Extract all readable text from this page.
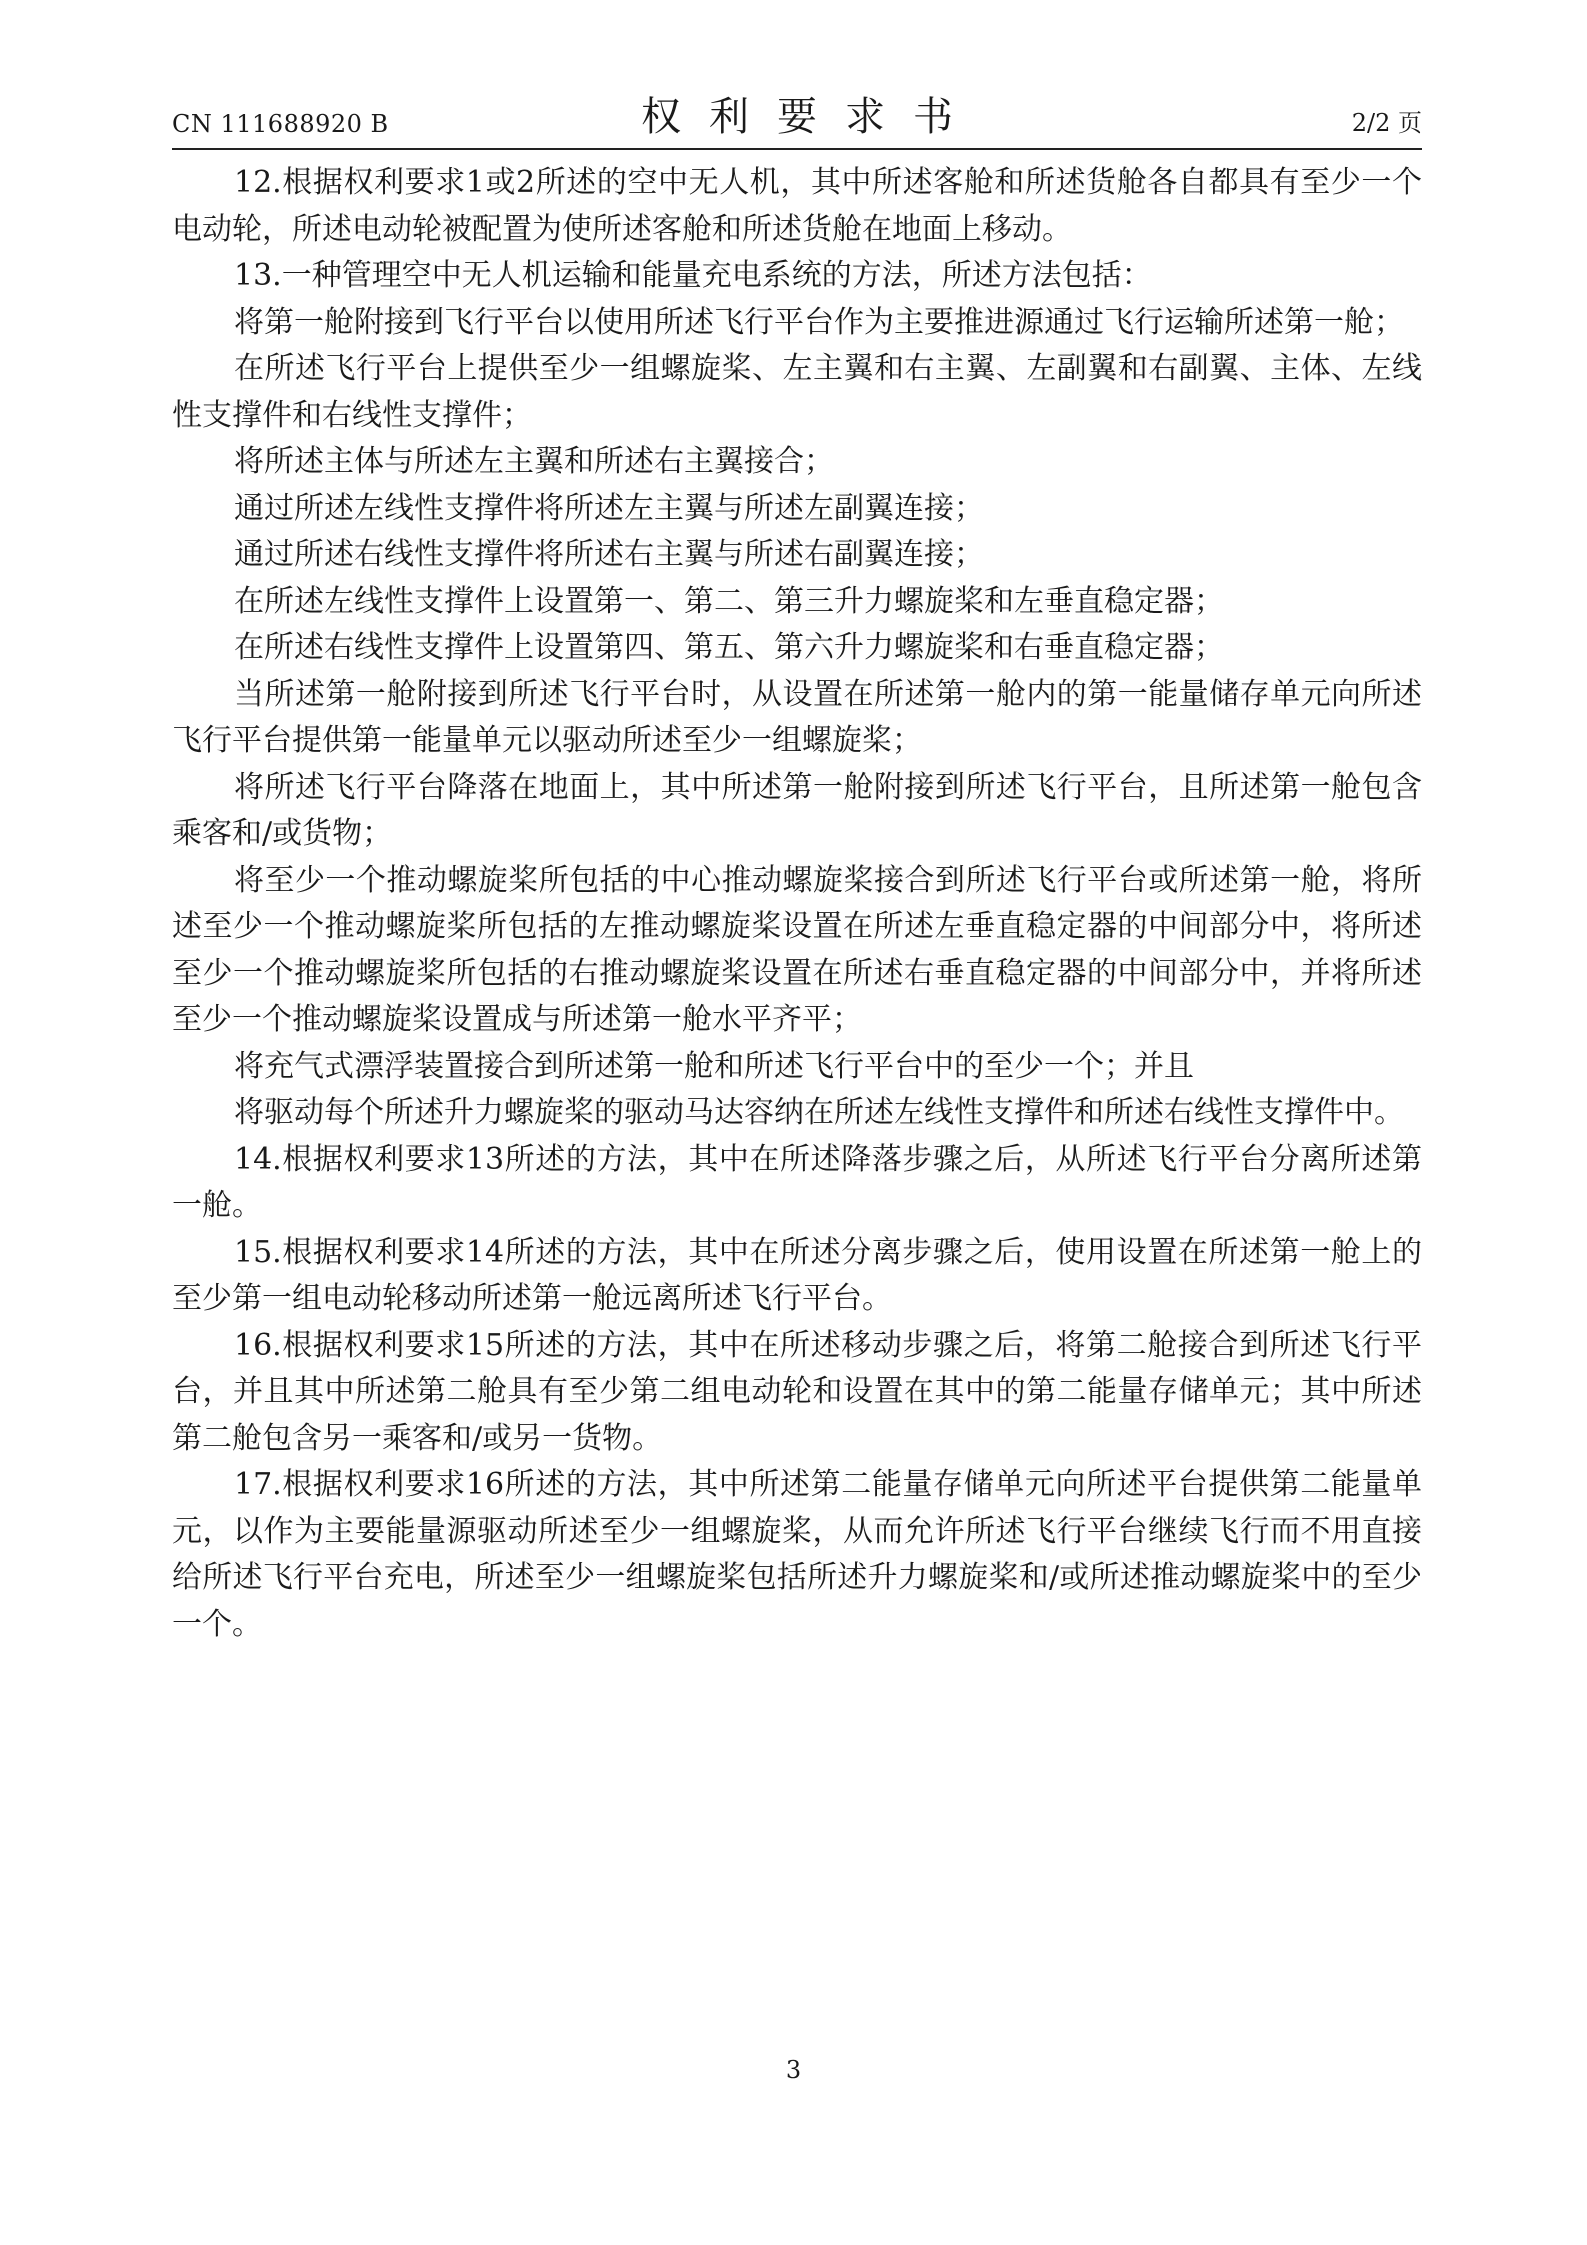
CN 111688920 B	权利要求书	2/2 页

12.根据权利要求1或2所述的空中无人机，其中所述客舱和所述货舱各自都具有至少一个电动轮，所述电动轮被配置为使所述客舱和所述货舱在地面上移动。

13.一种管理空中无人机运输和能量充电系统的方法，所述方法包括：

将第一舱附接到飞行平台以使用所述飞行平台作为主要推进源通过飞行运输所述第一舱；

在所述飞行平台上提供至少一组螺旋桨、左主翼和右主翼、左副翼和右副翼、主体、左线性支撑件和右线性支撑件；

将所述主体与所述左主翼和所述右主翼接合；

通过所述左线性支撑件将所述左主翼与所述左副翼连接；

通过所述右线性支撑件将所述右主翼与所述右副翼连接；

在所述左线性支撑件上设置第一、第二、第三升力螺旋桨和左垂直稳定器；

在所述右线性支撑件上设置第四、第五、第六升力螺旋桨和右垂直稳定器；

当所述第一舱附接到所述飞行平台时，从设置在所述第一舱内的第一能量储存单元向所述飞行平台提供第一能量单元以驱动所述至少一组螺旋桨；

将所述飞行平台降落在地面上，其中所述第一舱附接到所述飞行平台，且所述第一舱包含乘客和/或货物；

将至少一个推动螺旋桨所包括的中心推动螺旋桨接合到所述飞行平台或所述第一舱，将所述至少一个推动螺旋桨所包括的左推动螺旋桨设置在所述左垂直稳定器的中间部分中，将所述至少一个推动螺旋桨所包括的右推动螺旋桨设置在所述右垂直稳定器的中间部分中，并将所述至少一个推动螺旋桨设置成与所述第一舱水平齐平；

将充气式漂浮装置接合到所述第一舱和所述飞行平台中的至少一个；并且

将驱动每个所述升力螺旋桨的驱动马达容纳在所述左线性支撑件和所述右线性支撑件中。

14.根据权利要求13所述的方法，其中在所述降落步骤之后，从所述飞行平台分离所述第一舱。

15.根据权利要求14所述的方法，其中在所述分离步骤之后，使用设置在所述第一舱上的至少第一组电动轮移动所述第一舱远离所述飞行平台。

16.根据权利要求15所述的方法，其中在所述移动步骤之后，将第二舱接合到所述飞行平台，并且其中所述第二舱具有至少第二组电动轮和设置在其中的第二能量存储单元；其中所述第二舱包含另一乘客和/或另一货物。

17.根据权利要求16所述的方法，其中所述第二能量存储单元向所述平台提供第二能量单元，以作为主要能量源驱动所述至少一组螺旋桨，从而允许所述飞行平台继续飞行而不用直接给所述飞行平台充电，所述至少一组螺旋桨包括所述升力螺旋桨和/或所述推动螺旋桨中的至少一个。

3
